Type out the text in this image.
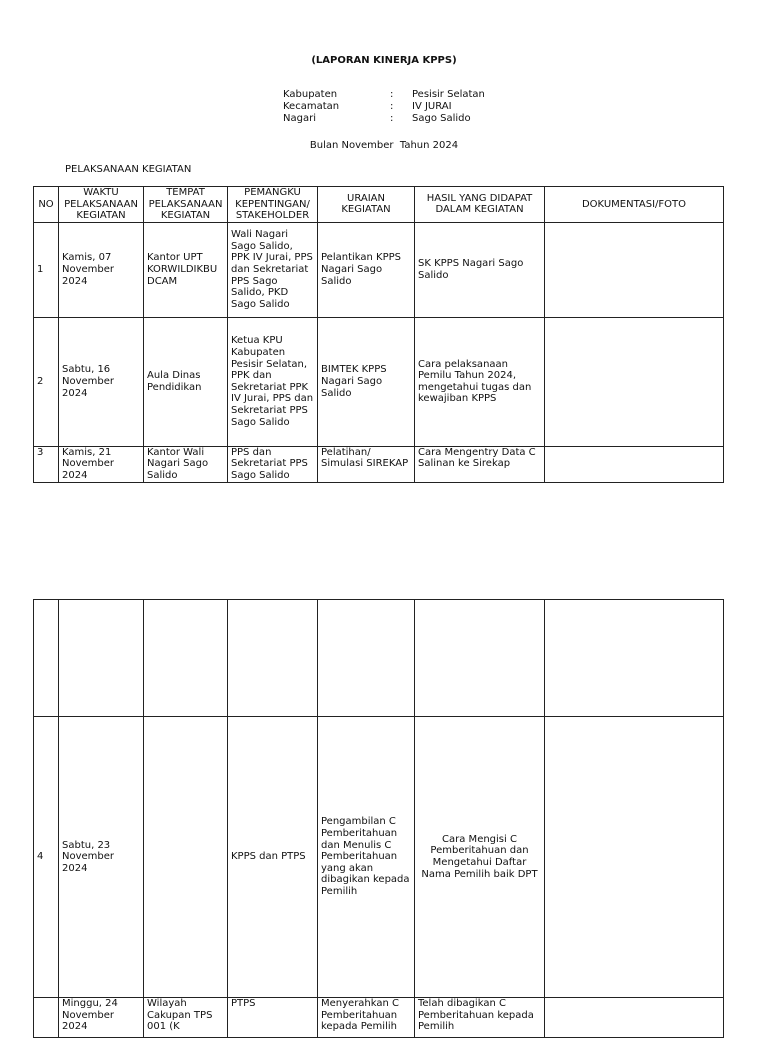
(LAPORAN KINERJA KPPS)
Kabupaten	: Pesisir Selatan
Kecamatan	: IV JURAI
Nagari	: Sago Salido
Bulan November  Tahun 2024
PELAKSANAAN KEGIATAN
NO	WAKTU PELAKSANAAN KEGIATAN	TEMPAT PELAKSANAAN KEGIATAN	PEMANGKU KEPENTINGAN/ STAKEHOLDER	URAIAN KEGIATAN	HASIL YANG DIDAPAT DALAM KEGIATAN	DOKUMENTASI/FOTO
1	Kamis, 07 November 2024	Kantor UPT KORWILDIKBU DCAM	Wali Nagari Sago Salido, PPK IV Jurai, PPS dan Sekretariat PPS Sago Salido, PKD Sago Salido	Pelantikan KPPS Nagari Sago Salido	SK KPPS Nagari Sago Salido	
2	Sabtu, 16 November 2024	Aula Dinas Pendidikan	Ketua KPU Kabupaten Pesisir Selatan, PPK dan Sekretariat PPK IV Jurai, PPS dan Sekretariat PPS Sago Salido	BIMTEK KPPS Nagari Sago Salido	Cara pelaksanaan Pemilu Tahun 2024, mengetahui tugas dan kewajiban KPPS	
3	Kamis, 21 November 2024	Kantor Wali Nagari Sago Salido	PPS dan Sekretariat PPS Sago Salido	Pelatihan/ Simulasi SIREKAP	Cara Mengentry Data C Salinan ke Sirekap	

4	Sabtu, 23 November 2024		KPPS dan PTPS	Pengambilan C Pemberitahuan dan Menulis C Pemberitahuan yang akan dibagikan kepada Pemilih	Cara Mengisi C Pemberitahuan dan Mengetahui Daftar Nama Pemilih baik DPT	
	Minggu, 24 November 2024	Wilayah Cakupan TPS 001 (K	PTPS	Menyerahkan C Pemberitahuan kepada Pemilih	Telah dibagikan C Pemberitahuan kepada Pemilih	
